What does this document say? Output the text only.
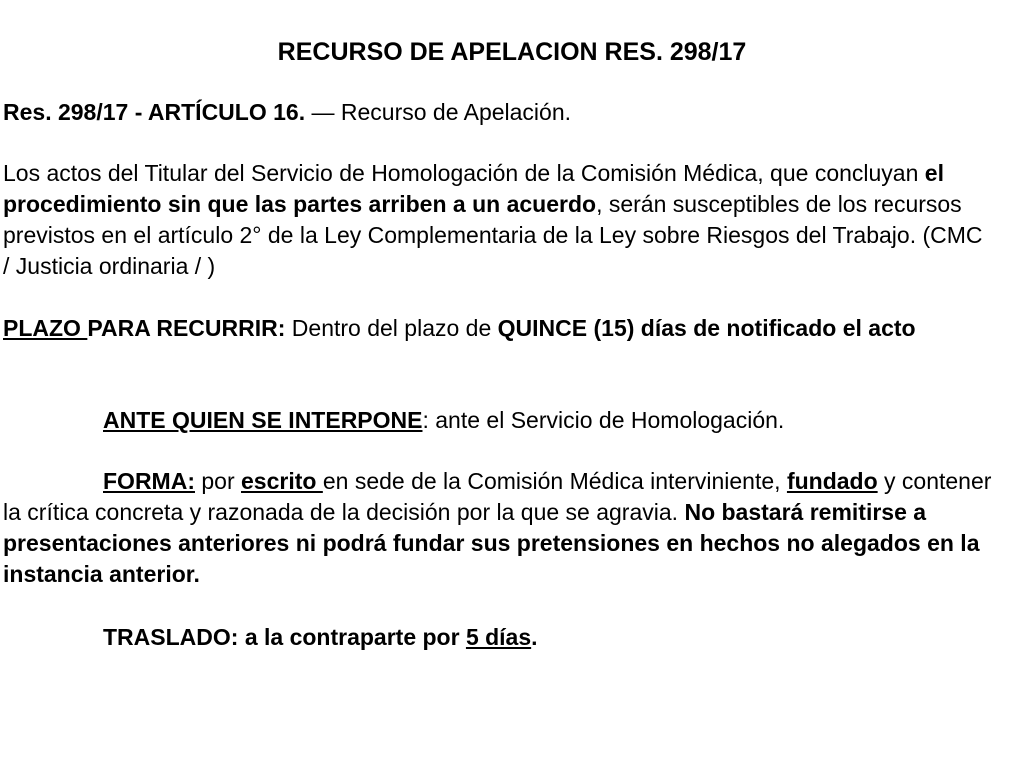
RECURSO DE APELACION RES. 298/17

Res. 298/17 - ARTÍCULO 16. — Recurso de Apelación.

Los actos del Titular del Servicio de Homologación de la Comisión Médica, que concluyan el procedimiento sin que las partes arriben a un acuerdo, serán susceptibles de los recursos previstos en el artículo 2° de la Ley Complementaria de la Ley sobre Riesgos del Trabajo. (CMC / Justicia ordinaria / )

PLAZO PARA RECURRIR: Dentro del plazo de QUINCE (15) días de notificado el acto

ANTE QUIEN SE INTERPONE: ante el Servicio de Homologación.

FORMA: por escrito en sede de la Comisión Médica interviniente, fundado y contener la crítica concreta y razonada de la decisión por la que se agravia. No bastará remitirse a presentaciones anteriores ni podrá fundar sus pretensiones en hechos no alegados en la instancia anterior.

TRASLADO: a la contraparte por 5 días.
